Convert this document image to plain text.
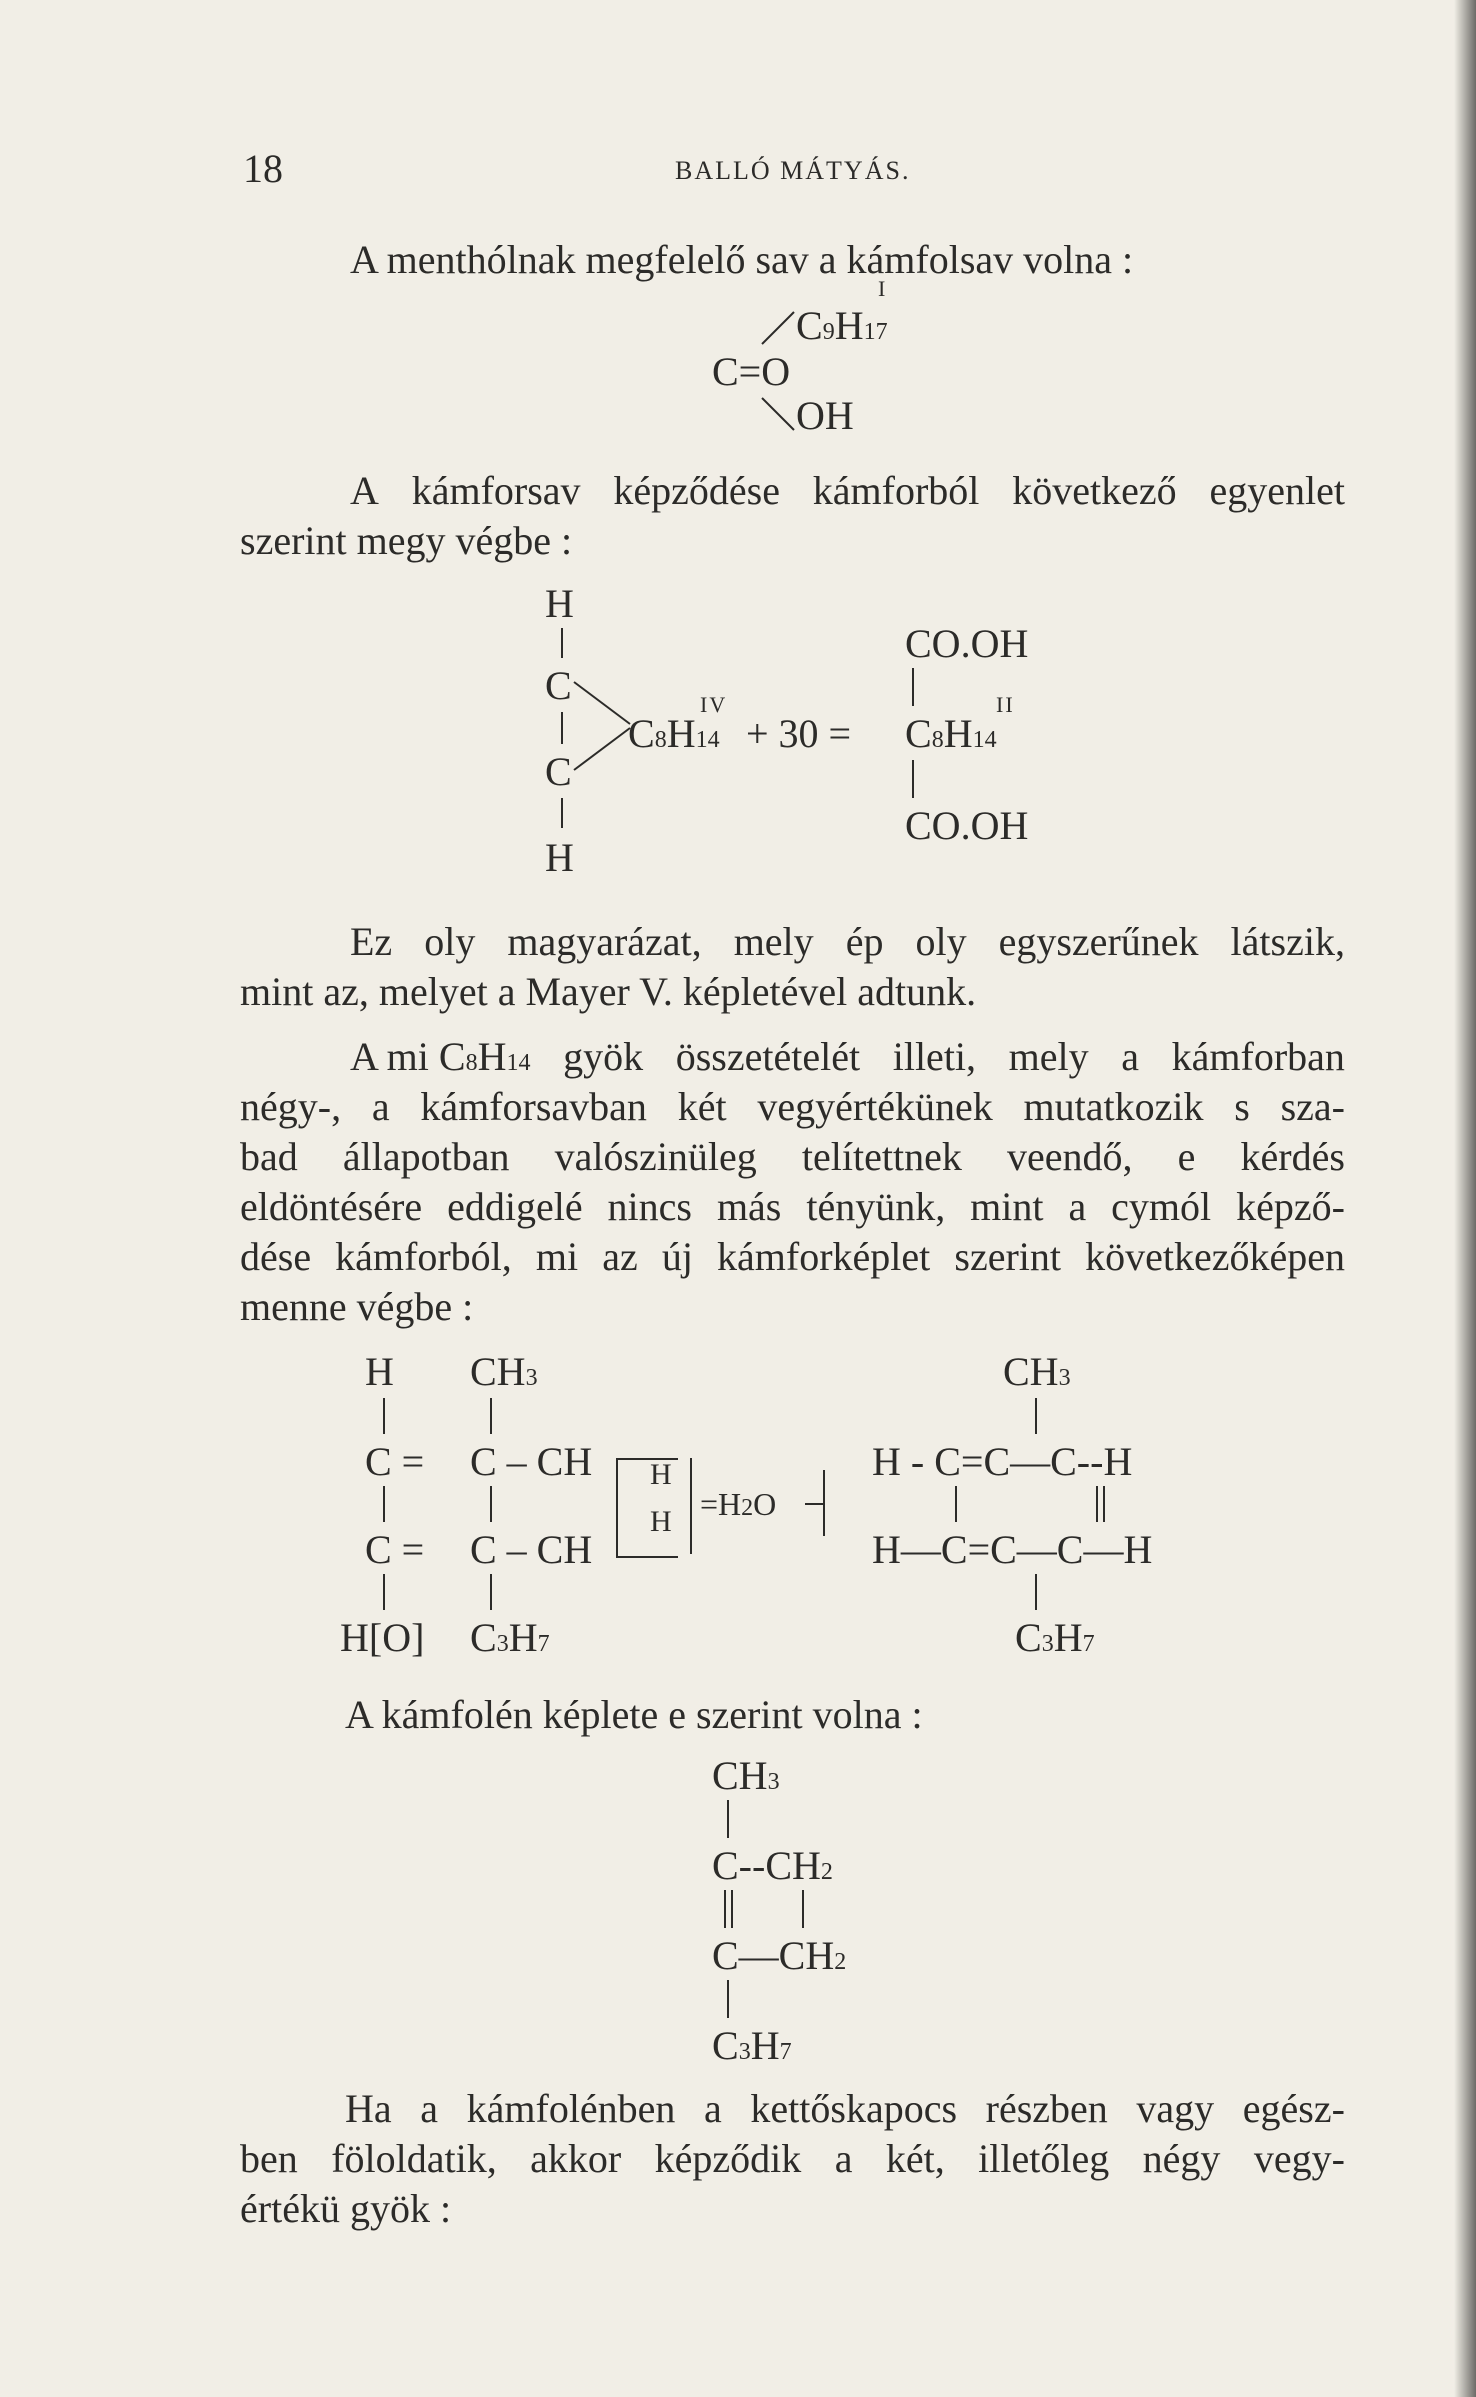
18	BALLÓ MÁTYÁS.
A menthólnak megfelelő sav a kámfolsav volna :
I
C9H17
C=O
OH
A kámforsav képződése kámforból következő egyenlet
szerint megy végbe :
H
C
C
H
IV
C8H14 + 30 =
CO.OH
II
C8H14
CO.OH
Ez oly magyarázat, mely ép oly egyszerűnek látszik,
mint az, melyet a Mayer V. képletével adtunk.
A mi C8H14 gyök összetételét illeti, mely a kámforban
négy-, a kámforsavban két vegyértékünek mutatkozik s sza-
bad állapotban valószinüleg telítettnek veendő, e kérdés
eldöntésére eddigelé nincs más tényünk, mint a cymól képző-
dése kámforból, mi az új kámforképlet szerint következőképen
menne végbe :
H CH3
C = C – CH
C = C – CH
H
H =H2O
H[O] C3H7
CH3
H - C=C—C--H
H—C=C—C—H
C3H7
A kámfolén képlete e szerint volna :
CH3
C--CH2
C—CH2
C3H7
Ha a kámfolénben a kettőskapocs részben vagy egész-
ben föloldatik, akkor képződik a két, illetőleg négy vegy-
értékü gyök :
